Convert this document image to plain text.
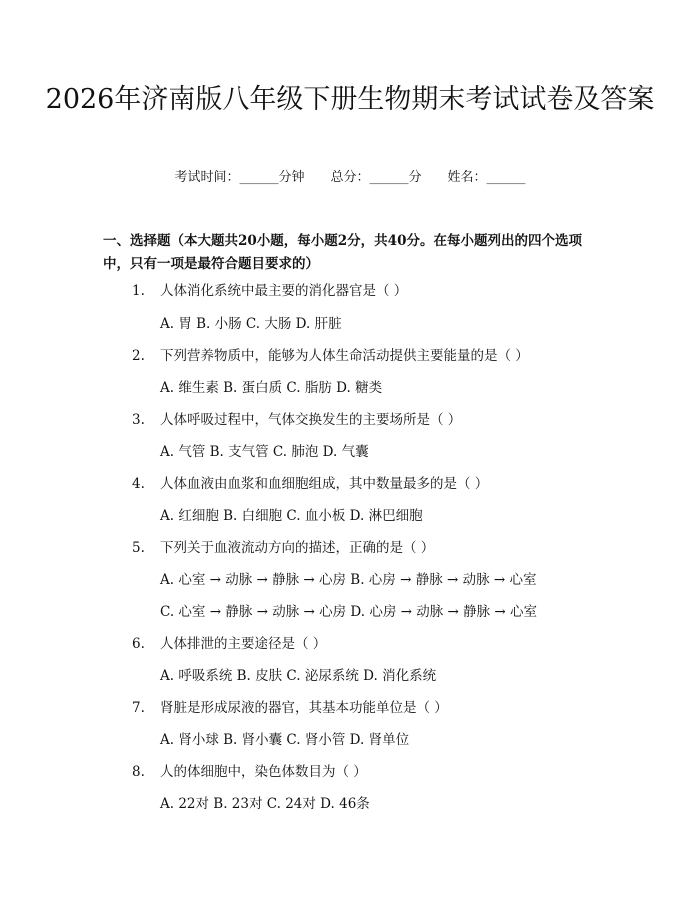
2026年济南版八年级下册生物期末考试试卷及答案
考试时间：______分钟　　总分：______分　　姓名：______

一、选择题（本大题共20小题，每小题2分，共40分。在每小题列出的四个选项中，只有一项是最符合题目要求的）

1. 人体消化系统中最主要的消化器官是（ ）
A. 胃 B. 小肠 C. 大肠 D. 肝脏
2. 下列营养物质中，能够为人体生命活动提供主要能量的是（ ）
A. 维生素 B. 蛋白质 C. 脂肪 D. 糖类
3. 人体呼吸过程中，气体交换发生的主要场所是（ ）
A. 气管 B. 支气管 C. 肺泡 D. 气囊
4. 人体血液由血浆和血细胞组成，其中数量最多的是（ ）
A. 红细胞 B. 白细胞 C. 血小板 D. 淋巴细胞
5. 下列关于血液流动方向的描述，正确的是（ ）
A. 心室 → 动脉 → 静脉 → 心房 B. 心房 → 静脉 → 动脉 → 心室
C. 心室 → 静脉 → 动脉 → 心房 D. 心房 → 动脉 → 静脉 → 心室
6. 人体排泄的主要途径是（ ）
A. 呼吸系统 B. 皮肤 C. 泌尿系统 D. 消化系统
7. 肾脏是形成尿液的器官，其基本功能单位是（ ）
A. 肾小球 B. 肾小囊 C. 肾小管 D. 肾单位
8. 人的体细胞中，染色体数目为（ ）
A. 22对 B. 23对 C. 24对 D. 46条
